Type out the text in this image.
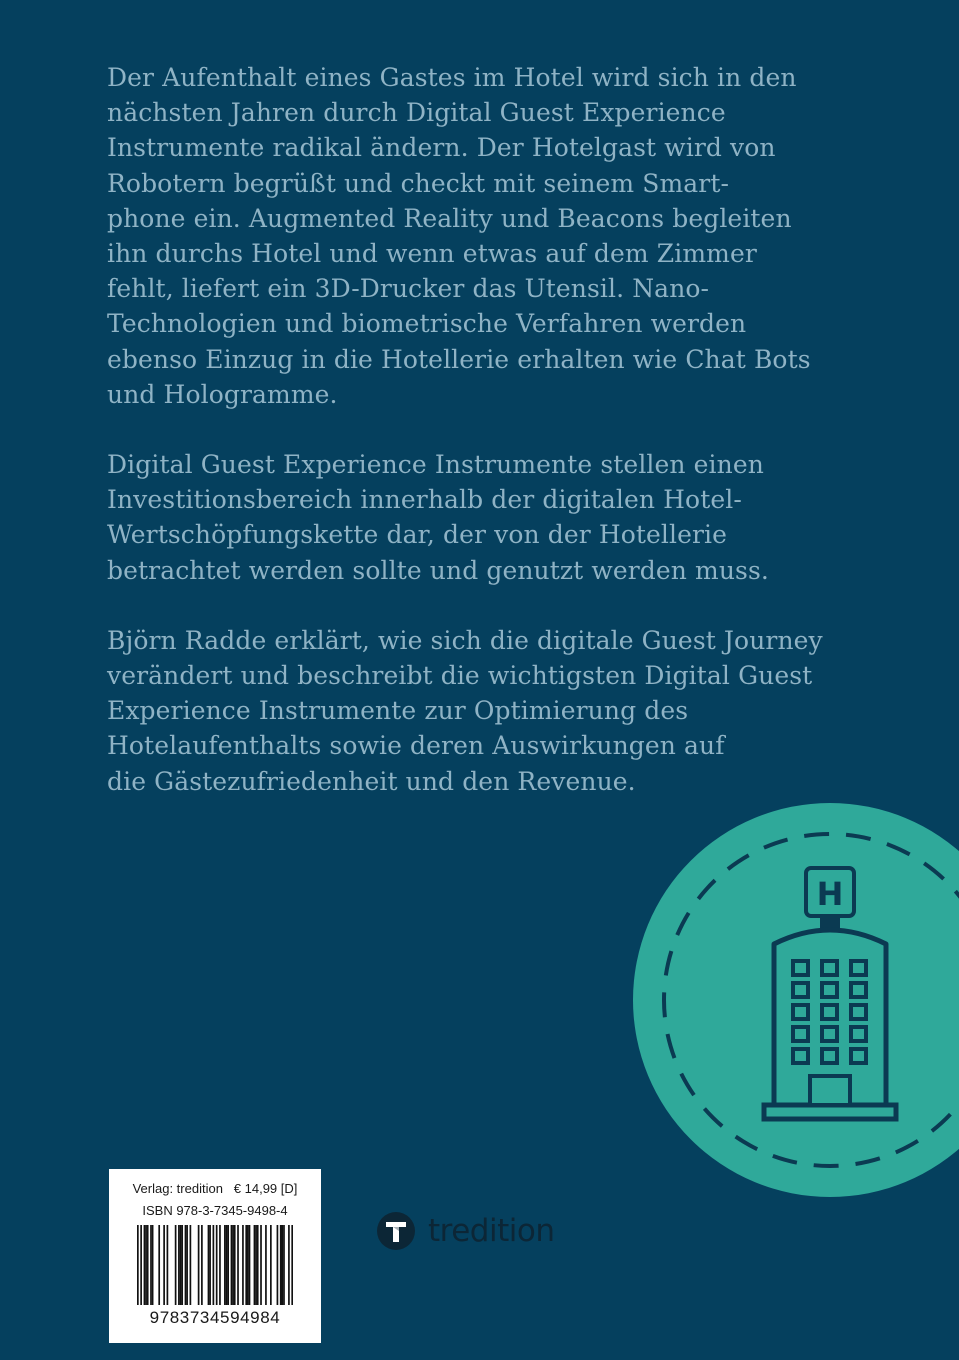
Der Aufenthalt eines Gastes im Hotel wird sich in den
nächsten Jahren durch Digital Guest Experience
Instrumente radikal ändern. Der Hotelgast wird von
Robotern begrüßt und checkt mit seinem Smart-
phone ein. Augmented Reality und Beacons begleiten
ihn durchs Hotel und wenn etwas auf dem Zimmer
fehlt, liefert ein 3D-Drucker das Utensil. Nano-
Technologien und biometrische Verfahren werden
ebenso Einzug in die Hotellerie erhalten wie Chat Bots
und Hologramme.

Digital Guest Experience Instrumente stellen einen
Investitionsbereich innerhalb der digitalen Hotel-
Wertschöpfungskette dar, der von der Hotellerie
betrachtet werden sollte und genutzt werden muss.

Björn Radde erklärt, wie sich die digitale Guest Journey
verändert und beschreibt die wichtigsten Digital Guest
Experience Instrumente zur Optimierung des
Hotelaufenthalts sowie deren Auswirkungen auf
die Gästezufriedenheit und den Revenue.

H
Verlag: tredition € 14,99 [D]
ISBN 978-3-7345-9498-4
9783734594984
tredition
